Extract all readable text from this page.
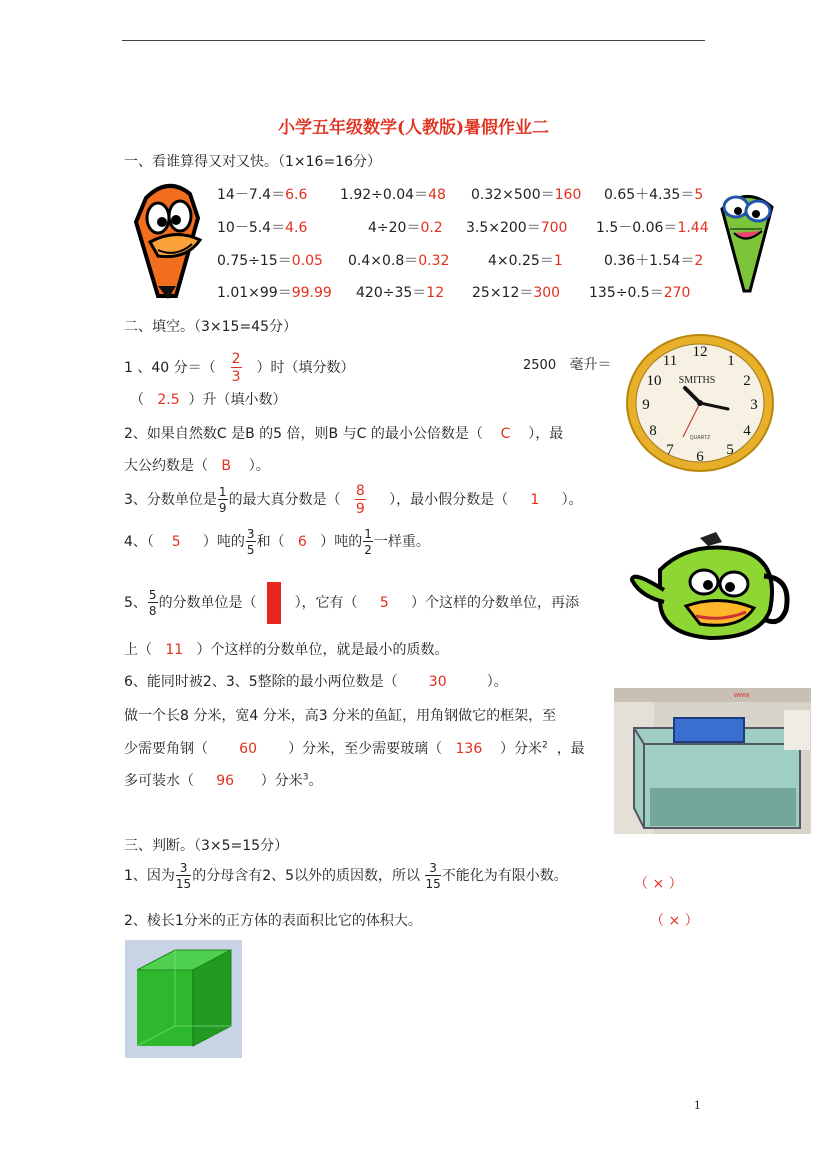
小学五年级数学(人教版)暑假作业二
一、看谁算得又对又快。（1×16=16分）
14－7.4＝6.6 1.92÷0.04＝48 0.32×500＝160 0.65＋4.35＝5
10－5.4＝4.6	4÷20＝0.2 3.5×200＝700 1.5－0.06＝1.44
0.75÷15＝0.05 0.4×0.8＝0.32	4×0.25＝1	0.36＋1.54＝2
1.01×99＝99.99 420÷35＝12 25×12＝300 135÷0.5＝270
二、填空。（3×15=45分）
1 、40 分＝（ $\frac{2}{3}$ ）时（填分数）	2500 毫升＝
（ 2.5 ）升（填小数）
12
1
2
3
4
5
6
7
8
9
10
11
SMITHS
QUARTZ
2、如果自然数C 是B 的5 倍，则B 与C 的最小公倍数是（ C ），最
大公约数是（ B ）。
3、分数单位是 $\frac{1}{9}$ 的最大真分数是（ $\frac{8}{9}$ ），最小假分数是（ 1 ）。
4、（ 5 ）吨的 $\frac{3}{5}$ 和（ 6 ）吨的 $\frac{1}{2}$ 一样重。
5、 $\frac{5}{8}$ 的分数单位是（	），它有（ 5 ）个这样的分数单位，再添
上（ 11 ）个这样的分数单位，就是最小的质数。
6、能同时被2、3、5整除的最小两位数是（ 30	）。
www
做一个长8 分米，宽4 分米，高3 分米的鱼缸，用角钢做它的框架，至
少需要角钢（ 60 ）分米，至少需要玻璃（ 136 ）分米$^2$ ，最
多可装水（ 96 ）分米$^3$。
三、判断。（3×5=15分）
1、因为 $\frac{3}{15}$ 的分母含有2、5以外的质因数，所以 $\frac{3}{15}$ 不能化为有限小数。	（ × ）
2、棱长1分米的正方体的表面积比它的体积大。	（ × ）
1
